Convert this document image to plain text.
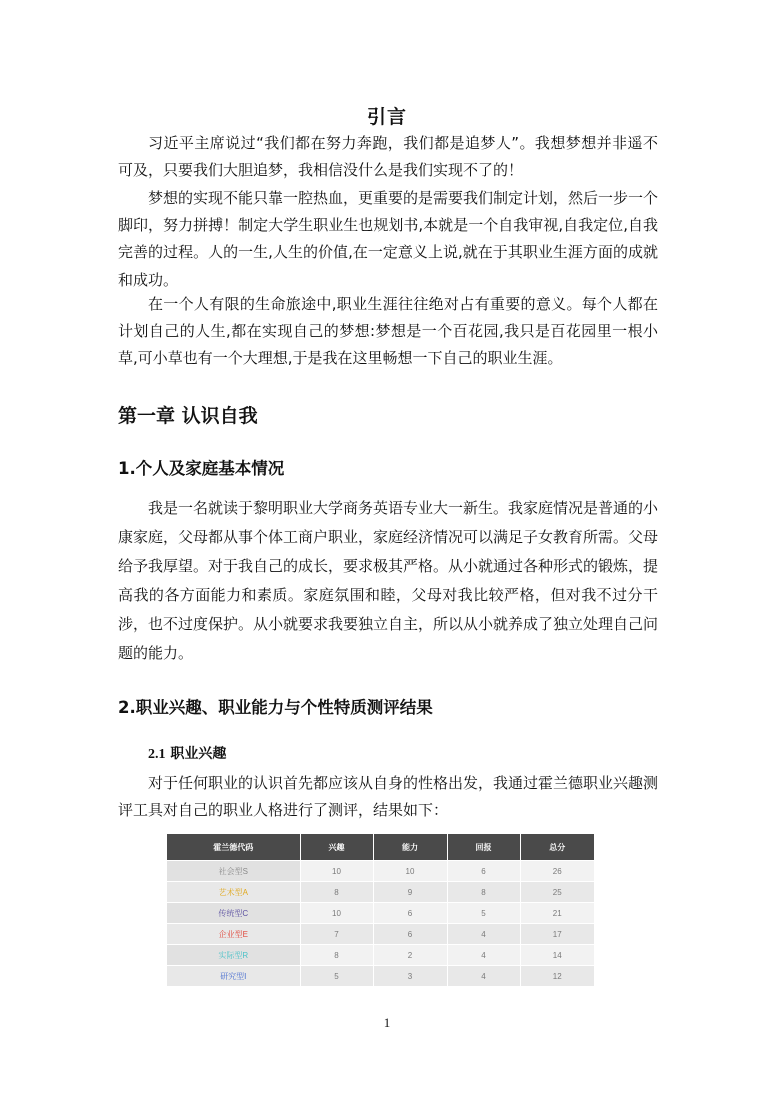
引言

习近平主席说过“我们都在努力奔跑，我们都是追梦人”。我想梦想并非遥不可及，只要我们大胆追梦，我相信没什么是我们实现不了的！

梦想的实现不能只靠一腔热血，更重要的是需要我们制定计划，然后一步一个脚印，努力拼搏！制定大学生职业生也规划书,本就是一个自我审视,自我定位,自我完善的过程。人的一生,人生的价值,在一定意义上说,就在于其职业生涯方面的成就和成功。

在一个人有限的生命旅途中,职业生涯往往绝对占有重要的意义。每个人都在计划自己的人生,都在实现自己的梦想:梦想是一个百花园,我只是百花园里一根小草,可小草也有一个大理想,于是我在这里畅想一下自己的职业生涯。

第一章 认识自我
1.个人及家庭基本情况

我是一名就读于黎明职业大学商务英语专业大一新生。我家庭情况是普通的小康家庭，父母都从事个体工商户职业，家庭经济情况可以满足子女教育所需。父母给予我厚望。对于我自己的成长，要求极其严格。从小就通过各种形式的锻炼，提高我的各方面能力和素质。家庭氛围和睦，父母对我比较严格，但对我不过分干涉，也不过度保护。从小就要求我要独立自主，所以从小就养成了独立处理自己问题的能力。

2.职业兴趣、职业能力与个性特质测评结果
2.1 职业兴趣

对于任何职业的认识首先都应该从自身的性格出发，我通过霍兰德职业兴趣测评工具对自己的职业人格进行了测评，结果如下：

霍兰德代码	兴趣	能力	回报	总分
社会型S	10	10	6	26
艺术型A	8	9	8	25
传统型C	10	6	5	21
企业型E	7	6	4	17
实际型R	8	2	4	14
研究型I	5	3	4	12
1
